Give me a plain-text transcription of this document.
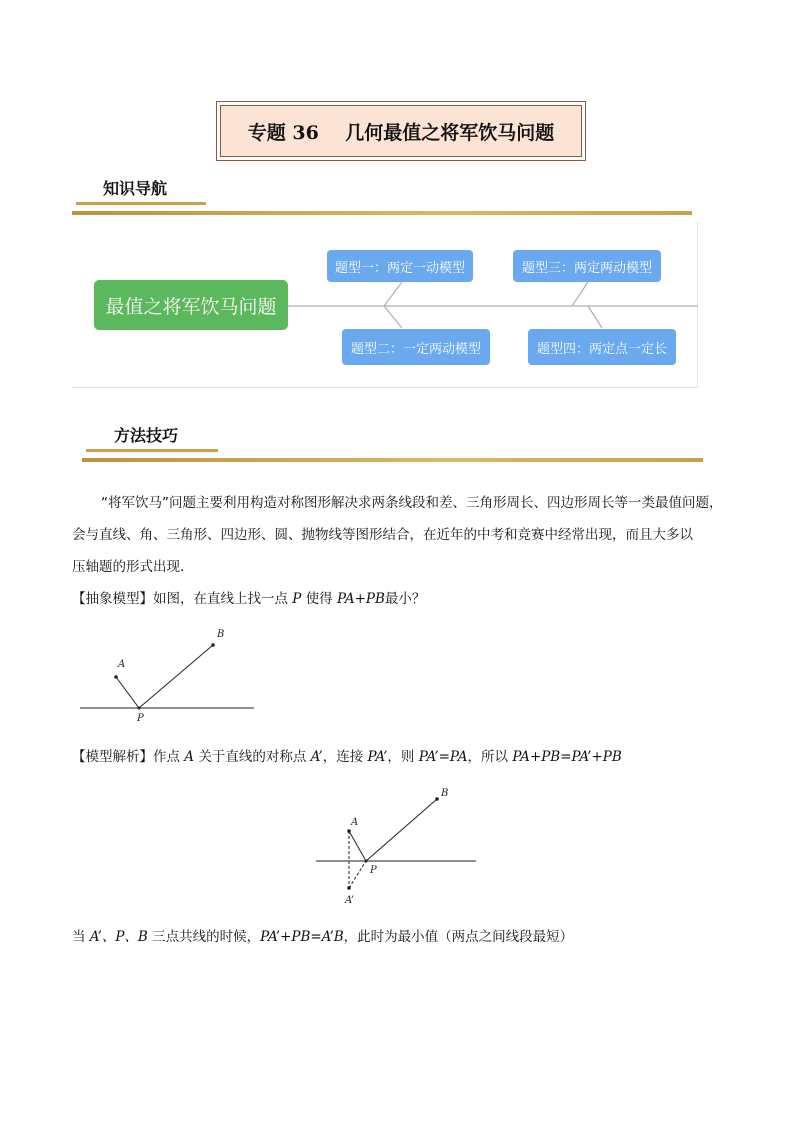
专题 36    几何最值之将军饮马问题
知识导航
最值之将军饮马问题
题型一：两定一动模型
题型二：一定两动模型
题型三：两定两动模型
题型四：两定点一定长
方法技巧
“将军饮马”问题主要利用构造对称图形解决求两条线段和差、三角形周长、四边形周长等一类最值问题，
会与直线、角、三角形、四边形、圆、抛物线等图形结合，在近年的中考和竞赛中经常出现，而且大多以
压轴题的形式出现．
【抽象模型】如图，在直线上找一点 P 使得 PA+PB最小？
A
B
P
【模型解析】作点 A 关于直线的对称点 A’，连接 PA’，则 PA’=PA，所以 PA+PB=PA’+PB
A
B
P
A’
当 A’、P、B 三点共线的时候，PA’+PB=A’B，此时为最小值（两点之间线段最短）
